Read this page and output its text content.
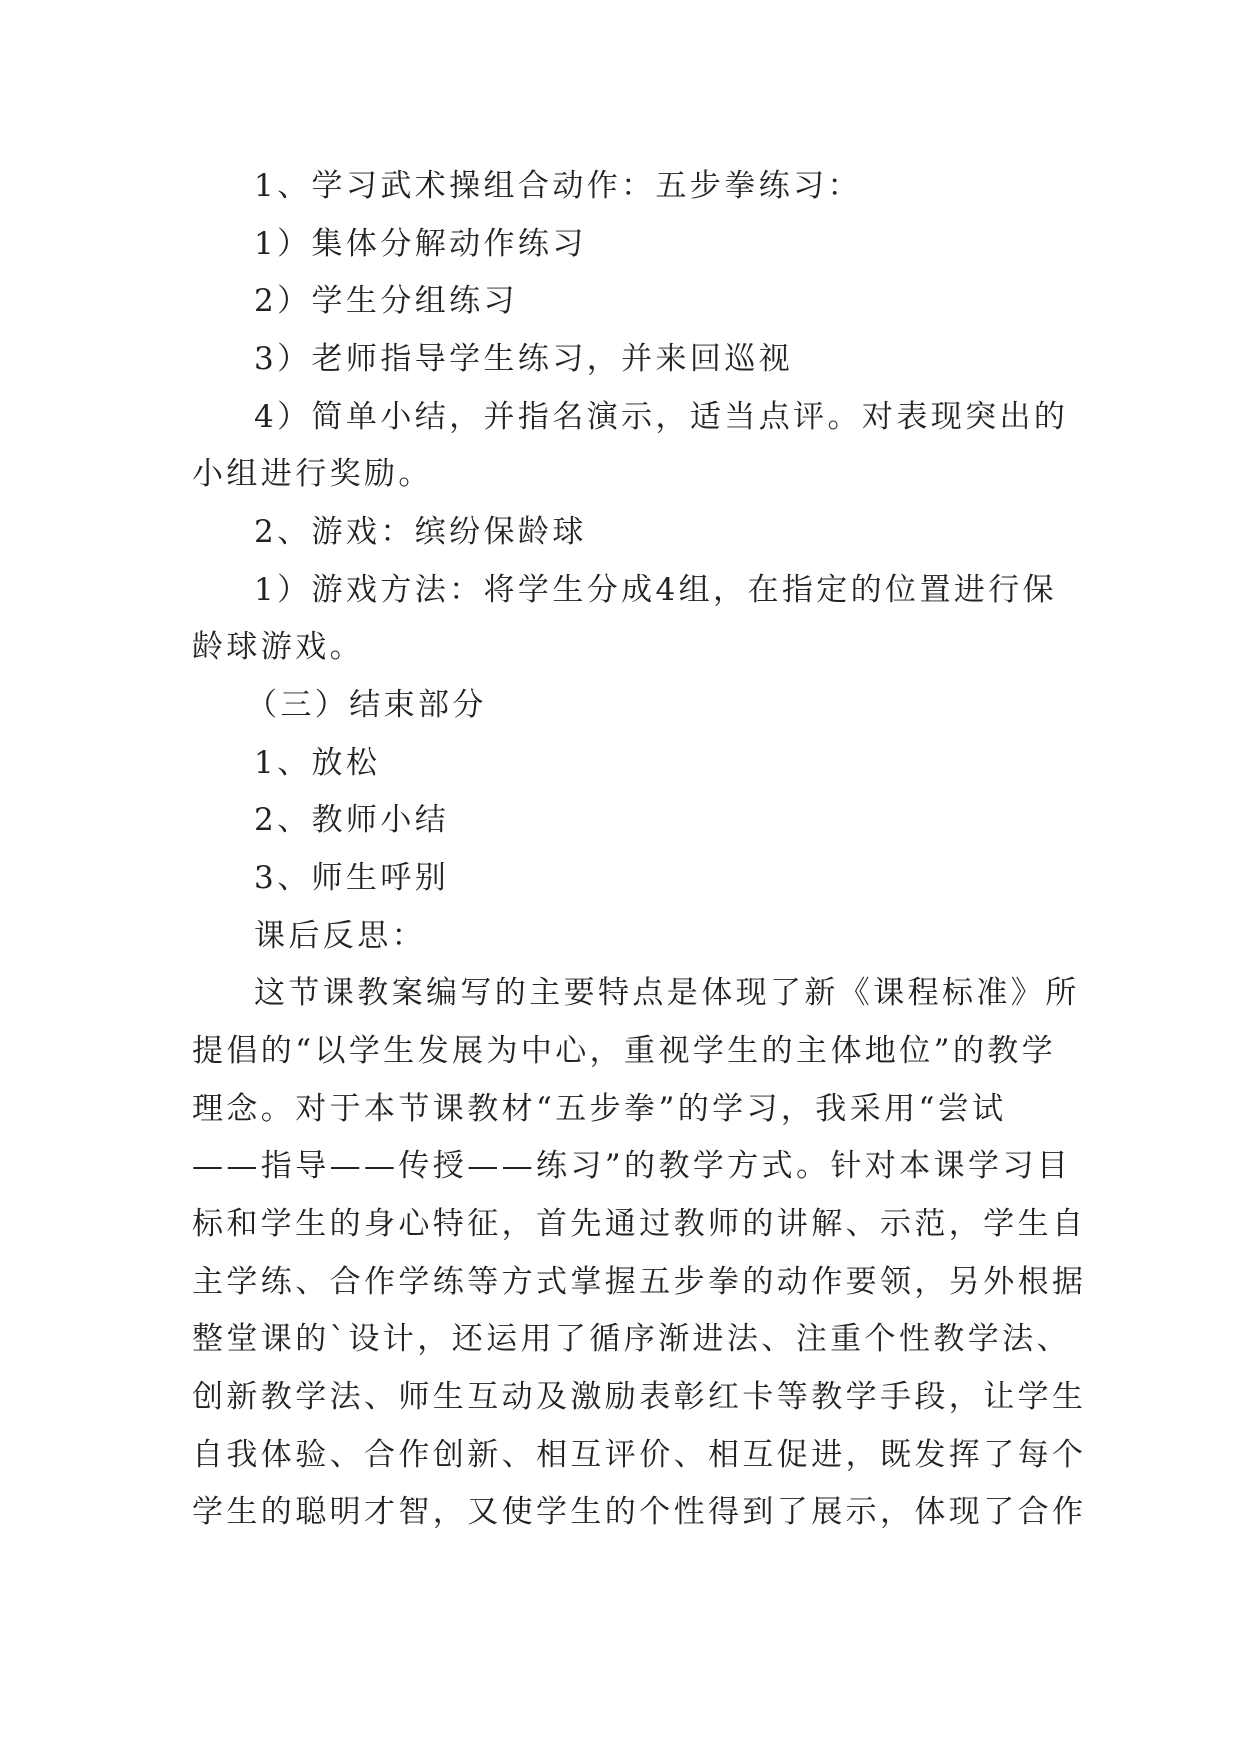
1、学习武术操组合动作：五步拳练习：
1）集体分解动作练习
2）学生分组练习
3）老师指导学生练习，并来回巡视
4）简单小结，并指名演示，适当点评。对表现突出的
小组进行奖励。
2、游戏：缤纷保龄球
1）游戏方法：将学生分成4组，在指定的位置进行保
龄球游戏。
（三）结束部分
1、放松
2、教师小结
3、师生呼别
课后反思：
这节课教案编写的主要特点是体现了新《课程标准》所
提倡的“以学生发展为中心，重视学生的主体地位”的教学
理念。对于本节课教材“五步拳”的学习，我采用“尝试
——指导——传授——练习”的教学方式。针对本课学习目
标和学生的身心特征，首先通过教师的讲解、示范，学生自
主学练、合作学练等方式掌握五步拳的动作要领，另外根据
整堂课的`设计，还运用了循序渐进法、注重个性教学法、
创新教学法、师生互动及激励表彰红卡等教学手段，让学生
自我体验、合作创新、相互评价、相互促进，既发挥了每个
学生的聪明才智，又使学生的个性得到了展示，体现了合作
